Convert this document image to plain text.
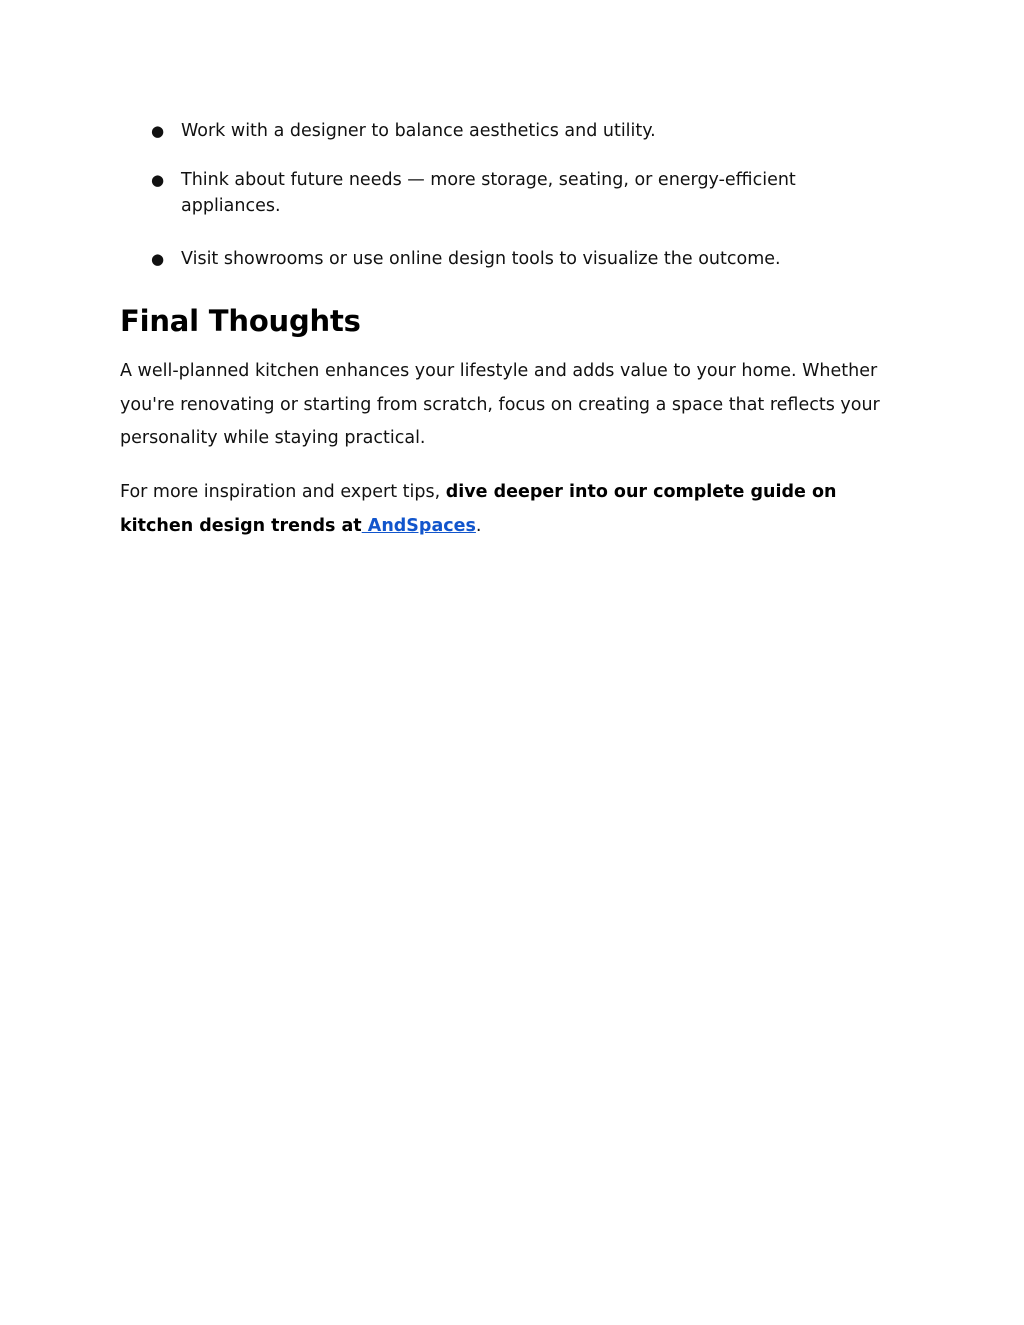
● Work with a designer to balance aesthetics and utility.
● Think about future needs — more storage, seating, or energy-efficient appliances.
● Visit showrooms or use online design tools to visualize the outcome.
Final Thoughts

A well-planned kitchen enhances your lifestyle and adds value to your home. Whether you're renovating or starting from scratch, focus on creating a space that reflects your personality while staying practical.

For more inspiration and expert tips, dive deeper into our complete guide on kitchen design trends at AndSpaces.
